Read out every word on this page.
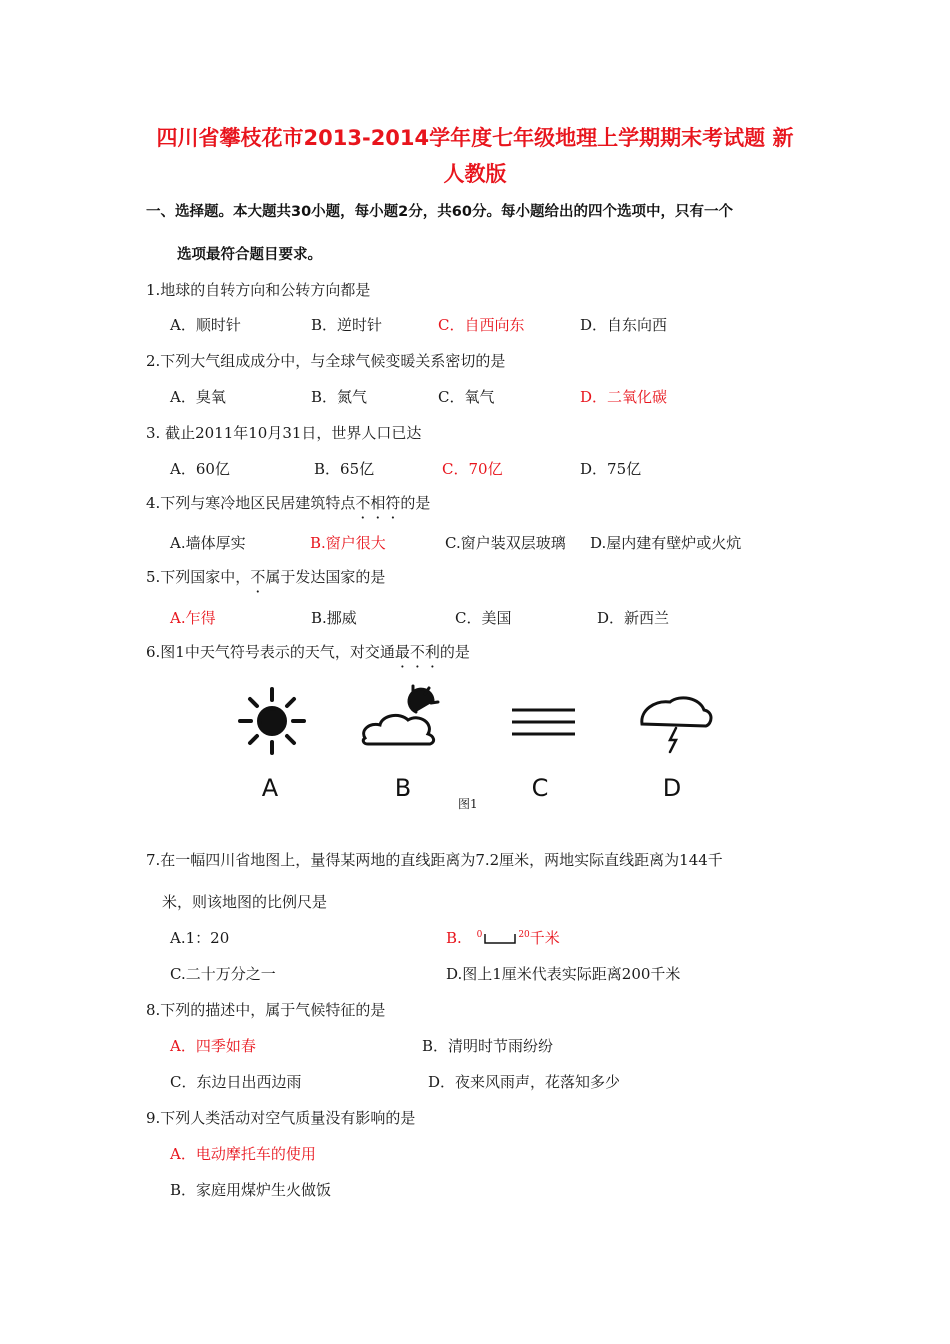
四川省攀枝花市2013-2014学年度七年级地理上学期期末考试题 新
人教版
一、选择题。本大题共30小题，每小题2分，共60分。每小题给出的四个选项中，只有一个
选项最符合题目要求。
1.地球的自转方向和公转方向都是
A．顺时针	B．逆时针	C．自西向东	D．自东向西
2.下列大气组成成分中，与全球气候变暖关系密切的是
A．臭氧	B．氮气	C．氧气	D．二氧化碳
3. 截止2011年10月31日，世界人口已达
A．60亿	B．65亿	C．70亿	D．75亿
4.下列与寒冷地区民居建筑特点不相符的是
A.墙体厚实	B.窗户很大	C.窗户装双层玻璃 D.屋内建有壁炉或火炕
5.下列国家中，不属于发达国家的是
A.乍得	B.挪威	C．美国	D．新西兰
6.图1中天气符号表示的天气，对交通最不利的是
A	B	C	D
图1
7.在一幅四川省地图上，量得某两地的直线距离为7.2厘米，两地实际直线距离为144千
米，则该地图的比例尺是
A.1：20	B. $^0$	$^{20}$千米
C.二十万分之一	D.图上1厘米代表实际距离200千米
8.下列的描述中，属于气候特征的是
A．四季如春	B．清明时节雨纷纷
C．东边日出西边雨	D．夜来风雨声，花落知多少
9.下列人类活动对空气质量没有影响的是
A．电动摩托车的使用
B．家庭用煤炉生火做饭
